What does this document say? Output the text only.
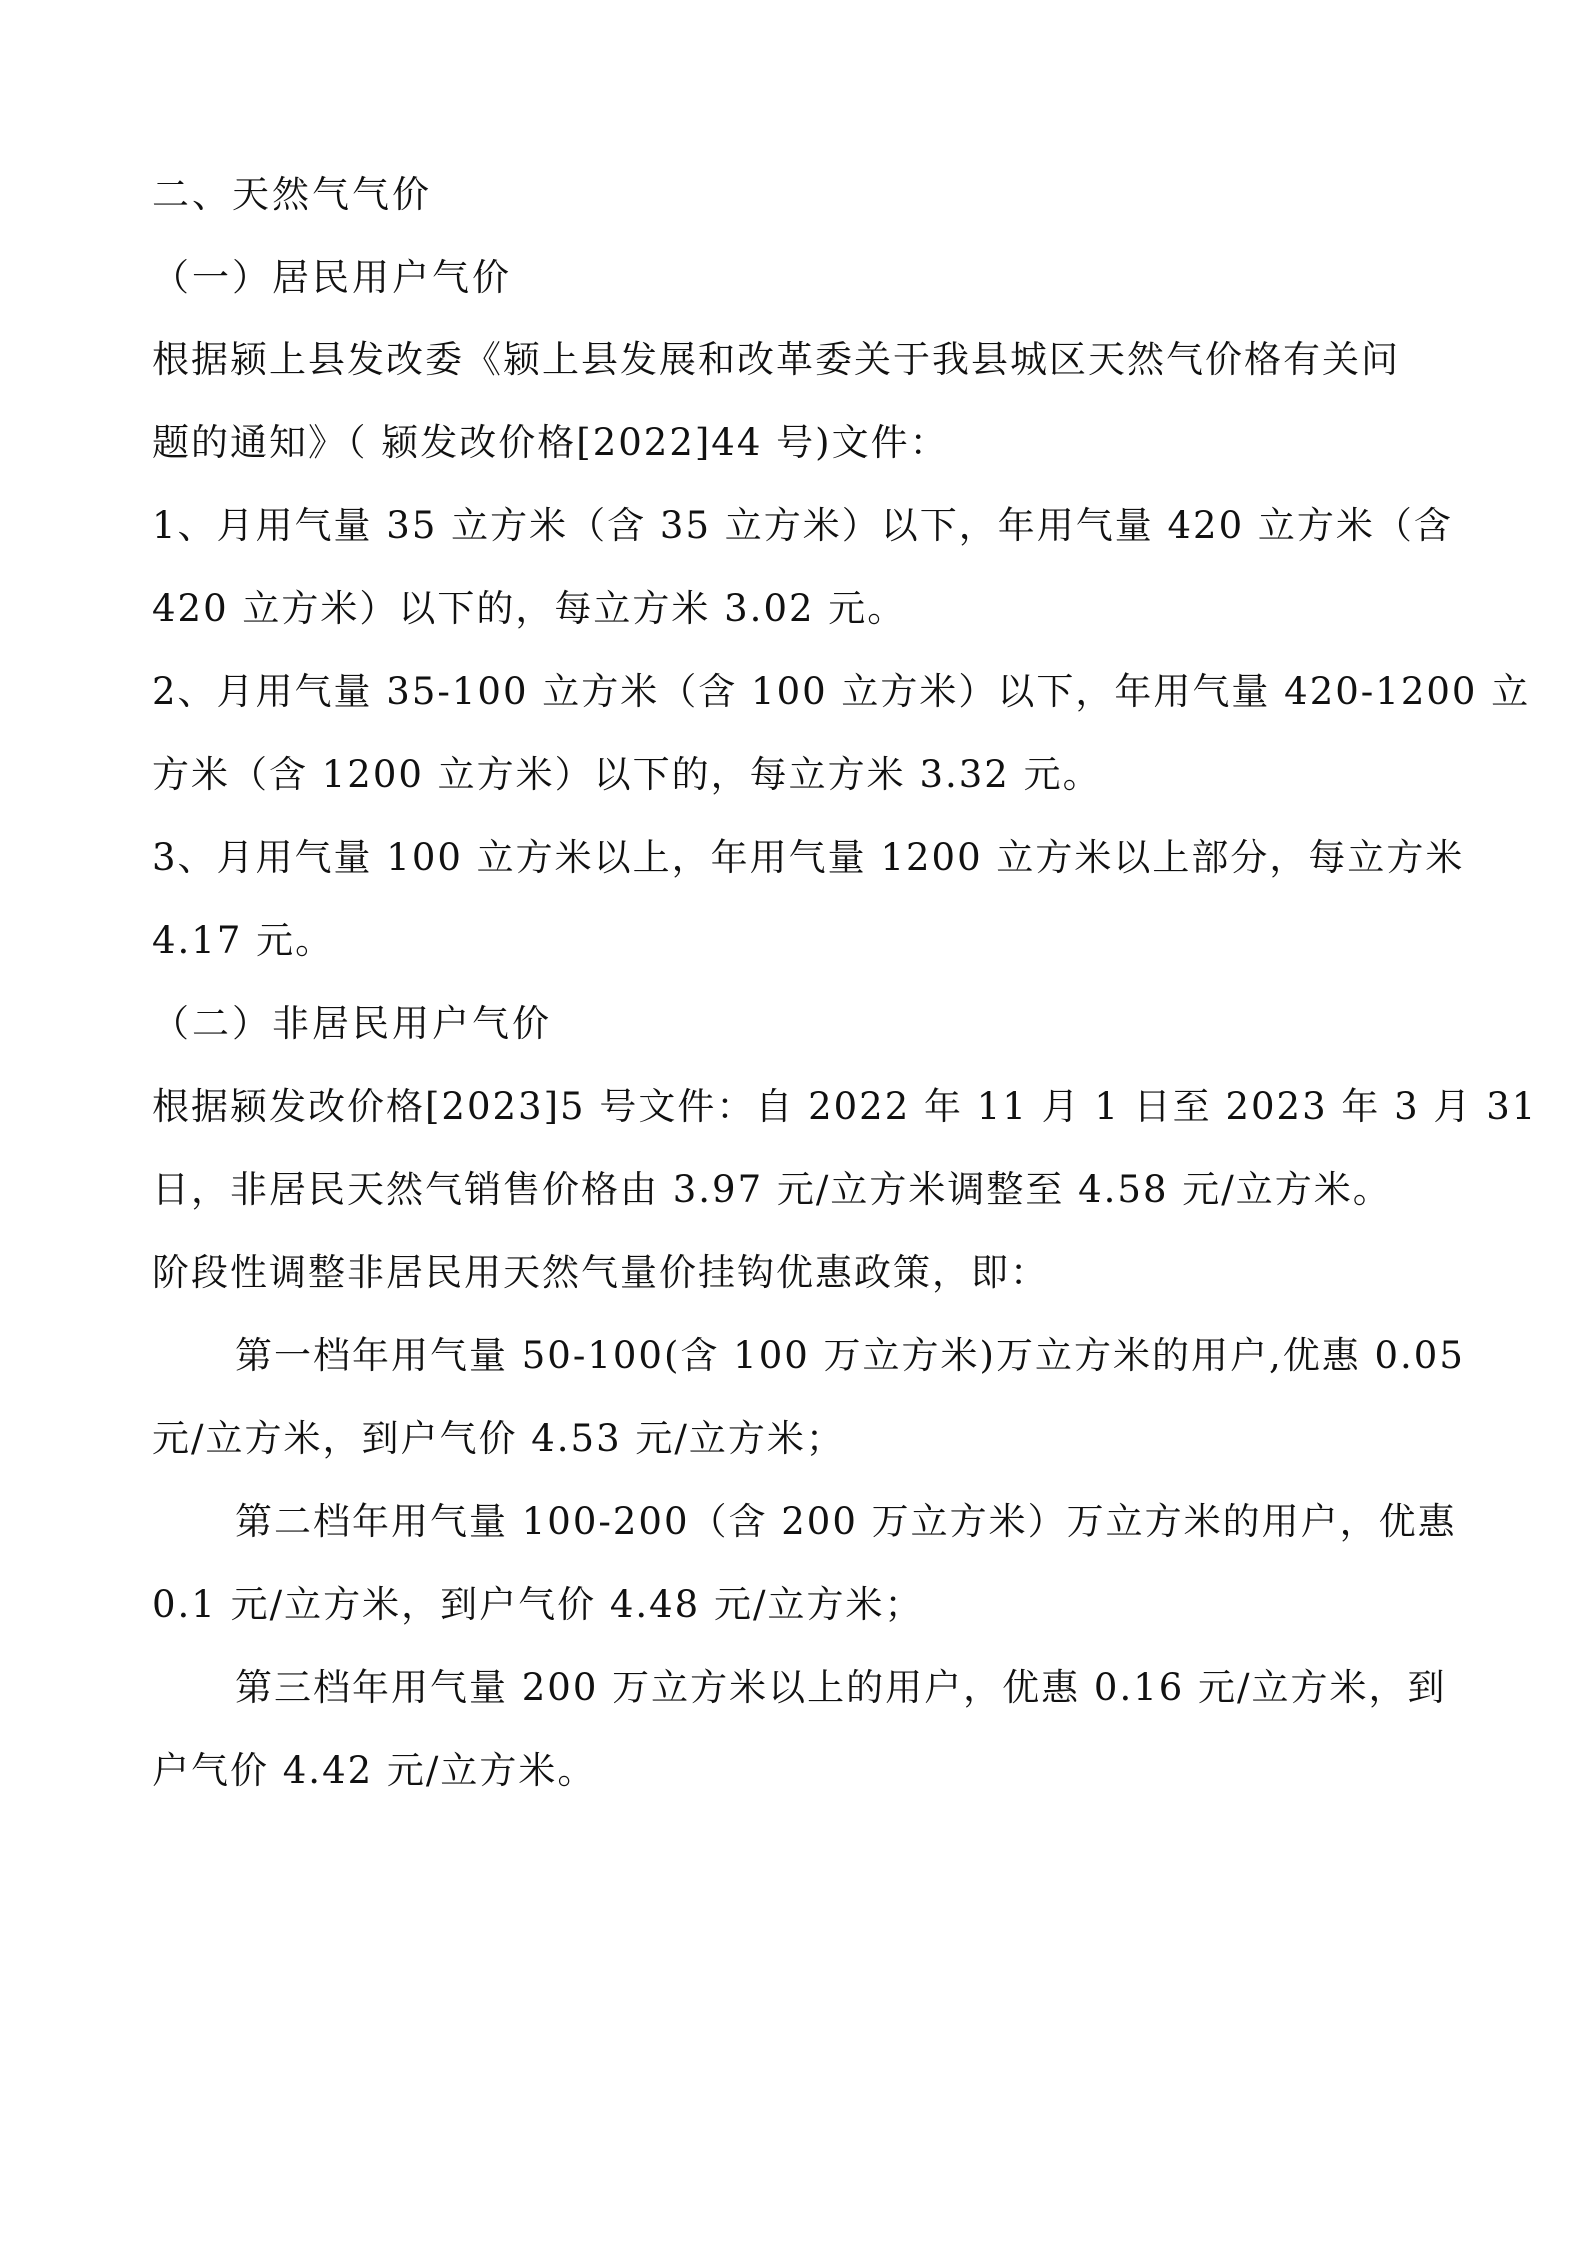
二、天然气气价
（一）居民用户气价
根据颍上县发改委《颍上县发展和改革委关于我县城区天然气价格有关问
题的通知》（ 颍发改价格[2022]44 号)文件：
1、月用气量 35 立方米（含 35 立方米）以下，年用气量 420 立方米（含
420 立方米）以下的，每立方米 3.02 元。
2、月用气量 35-100 立方米（含 100 立方米）以下，年用气量 420-1200 立
方米（含 1200 立方米）以下的，每立方米 3.32 元。
3、月用气量 100 立方米以上，年用气量 1200 立方米以上部分，每立方米
4.17 元。
（二）非居民用户气价
根据颍发改价格[2023]5 号文件：自 2022 年 11 月 1 日至 2023 年 3 月 31
日，非居民天然气销售价格由 3.97 元/立方米调整至 4.58 元/立方米。
阶段性调整非居民用天然气量价挂钩优惠政策，即：
第一档年用气量 50-100(含 100 万立方米)万立方米的用户,优惠 0.05
元/立方米，到户气价 4.53 元/立方米；
第二档年用气量 100-200（含 200 万立方米）万立方米的用户，优惠
0.1 元/立方米，到户气价 4.48 元/立方米；
第三档年用气量 200 万立方米以上的用户，优惠 0.16 元/立方米，到
户气价 4.42 元/立方米。
